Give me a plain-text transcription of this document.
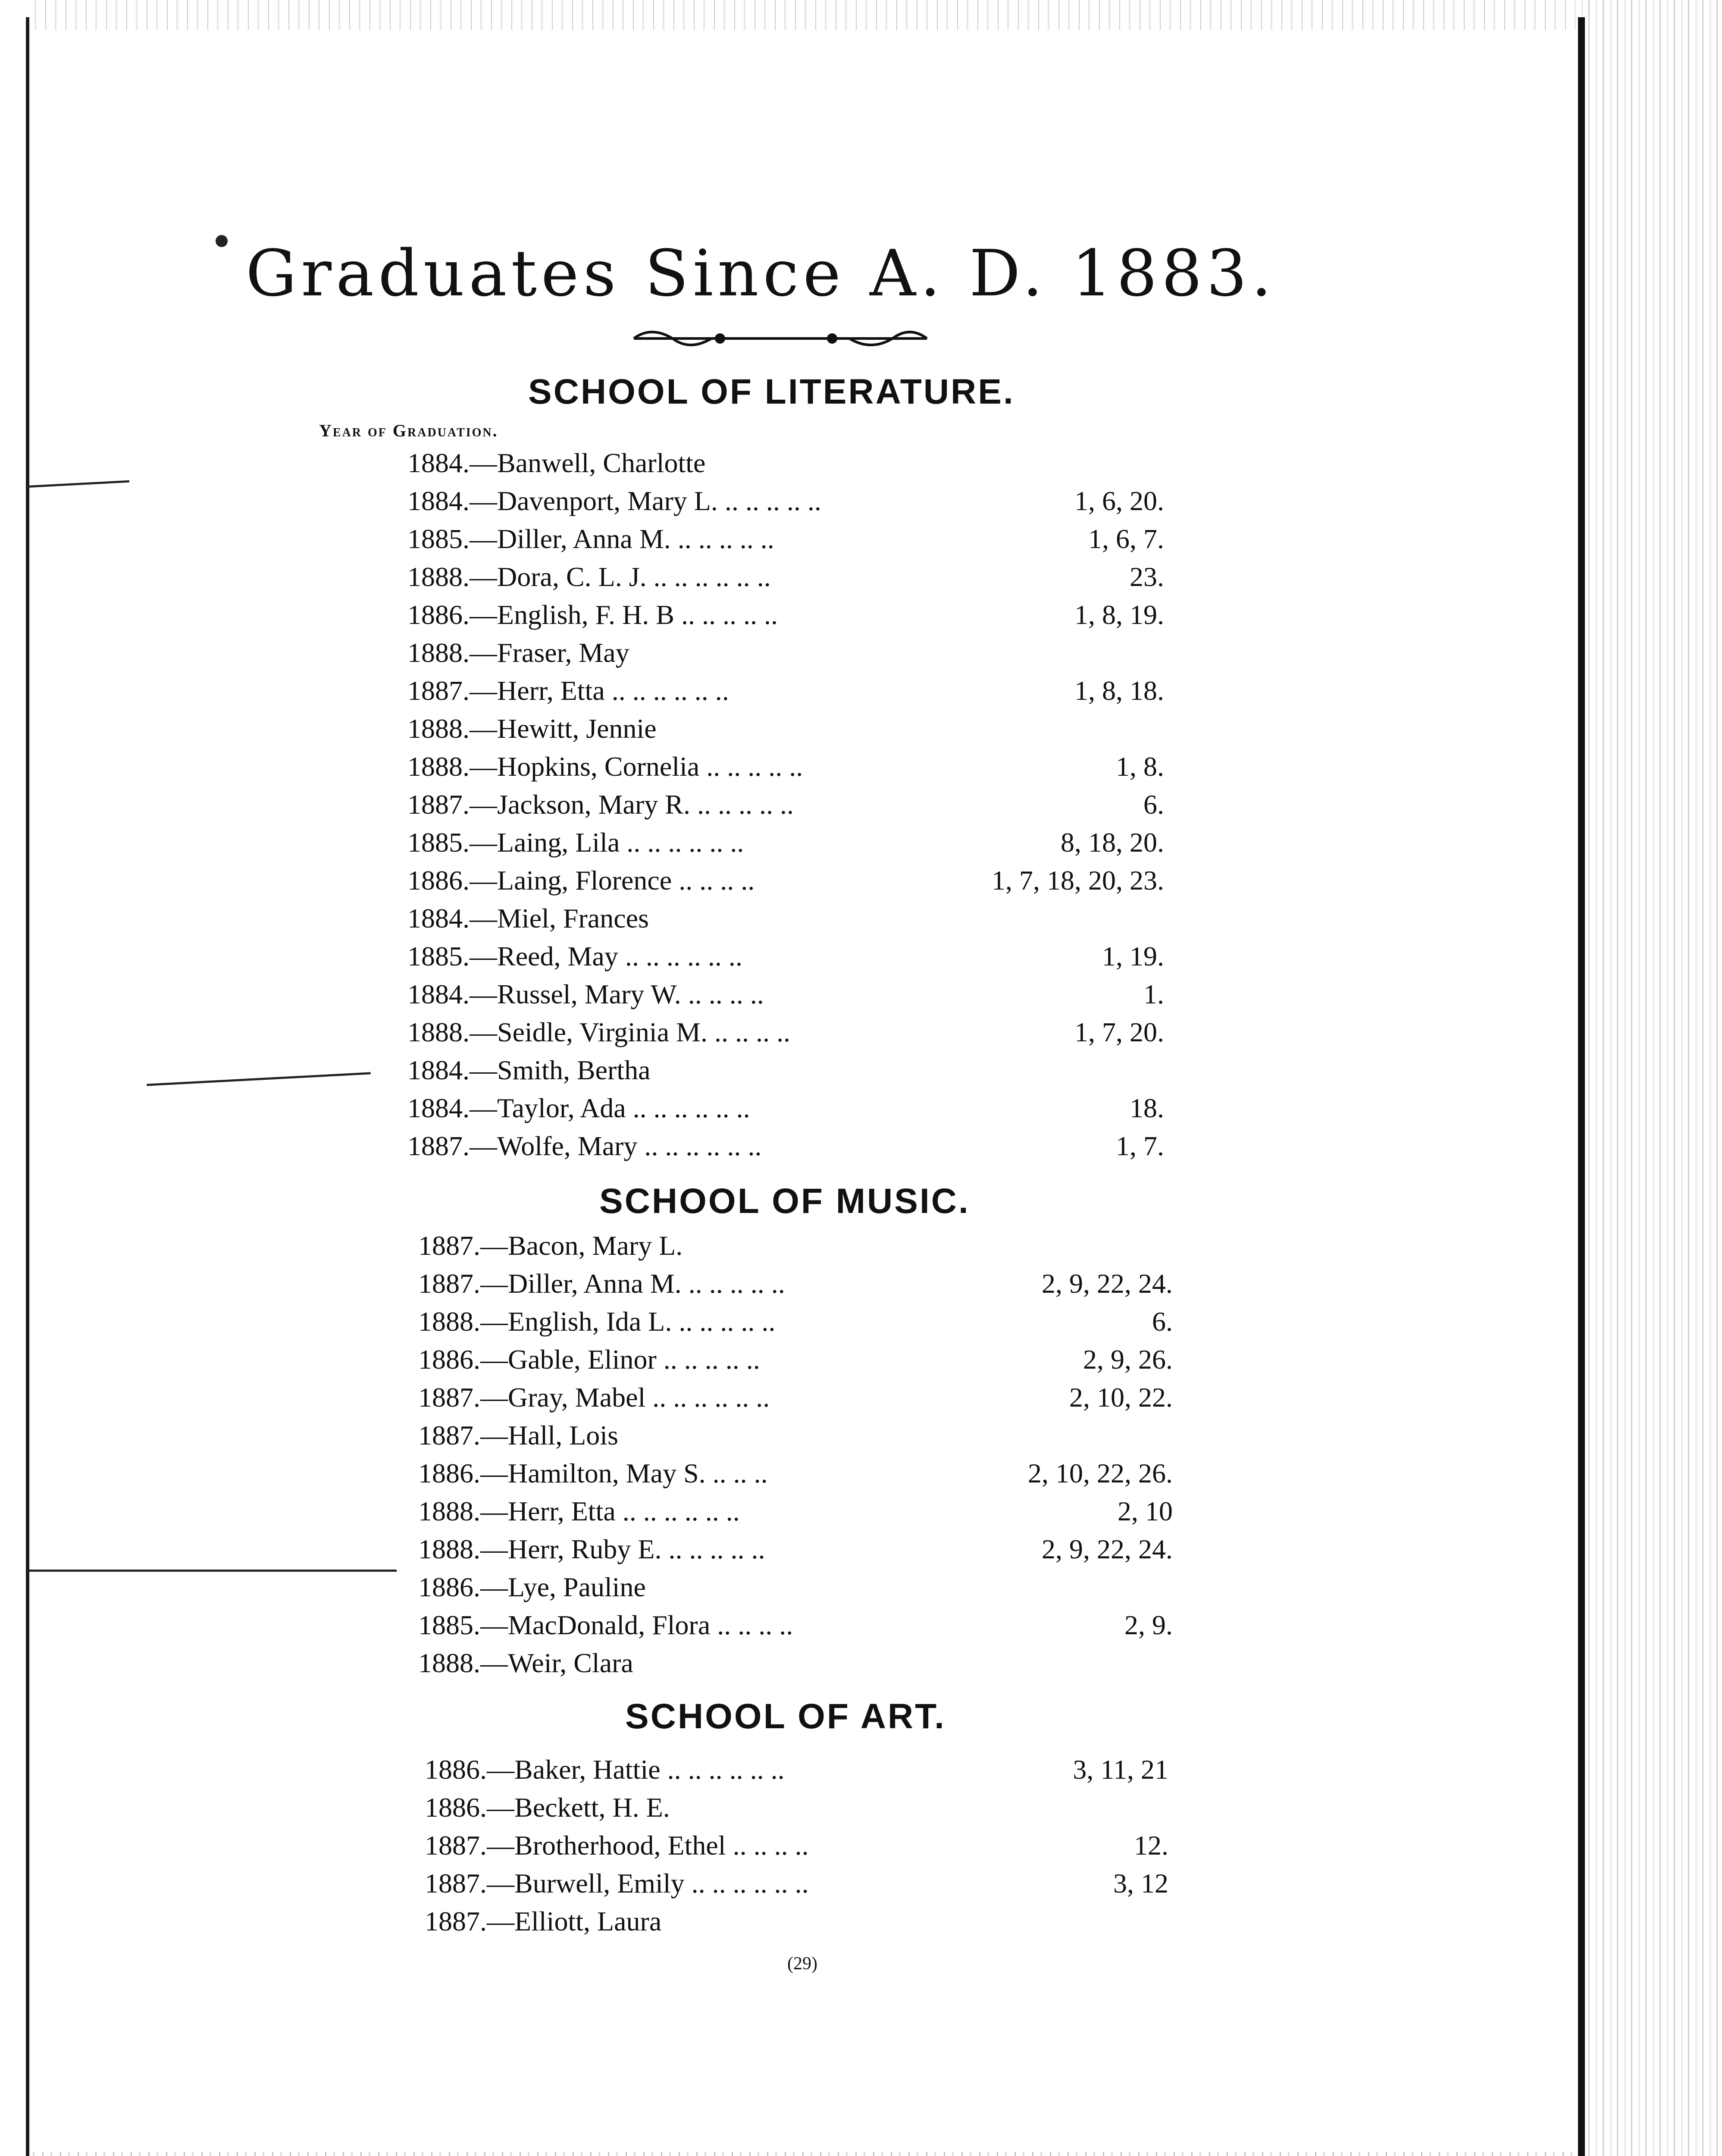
Graduates Since A. D. 1883.
SCHOOL OF LITERATURE.
Year of Graduation.
1884.—Banwell, Charlotte
1884.—Davenport, Mary L. .. .. .. .. ..	1, 6, 20.
1885.—Diller, Anna M. .. .. .. .. ..	1, 6, 7.
1888.—Dora, C. L. J. .. .. .. .. .. ..	23.
1886.—English, F. H. B .. .. .. .. ..	1, 8, 19.
1888.—Fraser, May
1887.—Herr, Etta .. .. .. .. .. ..	1, 8, 18.
1888.—Hewitt, Jennie
1888.—Hopkins, Cornelia .. .. .. .. ..	1, 8.
1887.—Jackson, Mary R. .. .. .. .. ..	6.
1885.—Laing, Lila .. .. .. .. .. ..	8, 18, 20.
1886.—Laing, Florence .. .. .. ..	1, 7, 18, 20, 23.
1884.—Miel, Frances
1885.—Reed, May .. .. .. .. .. ..	1, 19.
1884.—Russel, Mary W. .. .. .. ..	1.
1888.—Seidle, Virginia M. .. .. .. ..	1, 7, 20.
1884.—Smith, Bertha
1884.—Taylor, Ada .. .. .. .. .. ..	18.
1887.—Wolfe, Mary .. .. .. .. .. ..	1, 7.
SCHOOL OF MUSIC.
1887.—Bacon, Mary L.
1887.—Diller, Anna M. .. .. .. .. ..	2, 9, 22, 24.
1888.—English, Ida L. .. .. .. .. ..	6.
1886.—Gable, Elinor .. .. .. .. ..	2, 9, 26.
1887.—Gray, Mabel .. .. .. .. .. ..	2, 10, 22.
1887.—Hall, Lois
1886.—Hamilton, May S. .. .. ..	2, 10, 22, 26.
1888.—Herr, Etta .. .. .. .. .. ..	2, 10
1888.—Herr, Ruby E. .. .. .. .. ..	2, 9, 22, 24.
1886.—Lye, Pauline
1885.—MacDonald, Flora .. .. .. ..	2, 9.
1888.—Weir, Clara
SCHOOL OF ART.
1886.—Baker, Hattie .. .. .. .. .. ..	3, 11, 21
1886.—Beckett, H. E.
1887.—Brotherhood, Ethel .. .. .. ..	12.
1887.—Burwell, Emily .. .. .. .. .. ..	3, 12
1887.—Elliott, Laura
(29)
